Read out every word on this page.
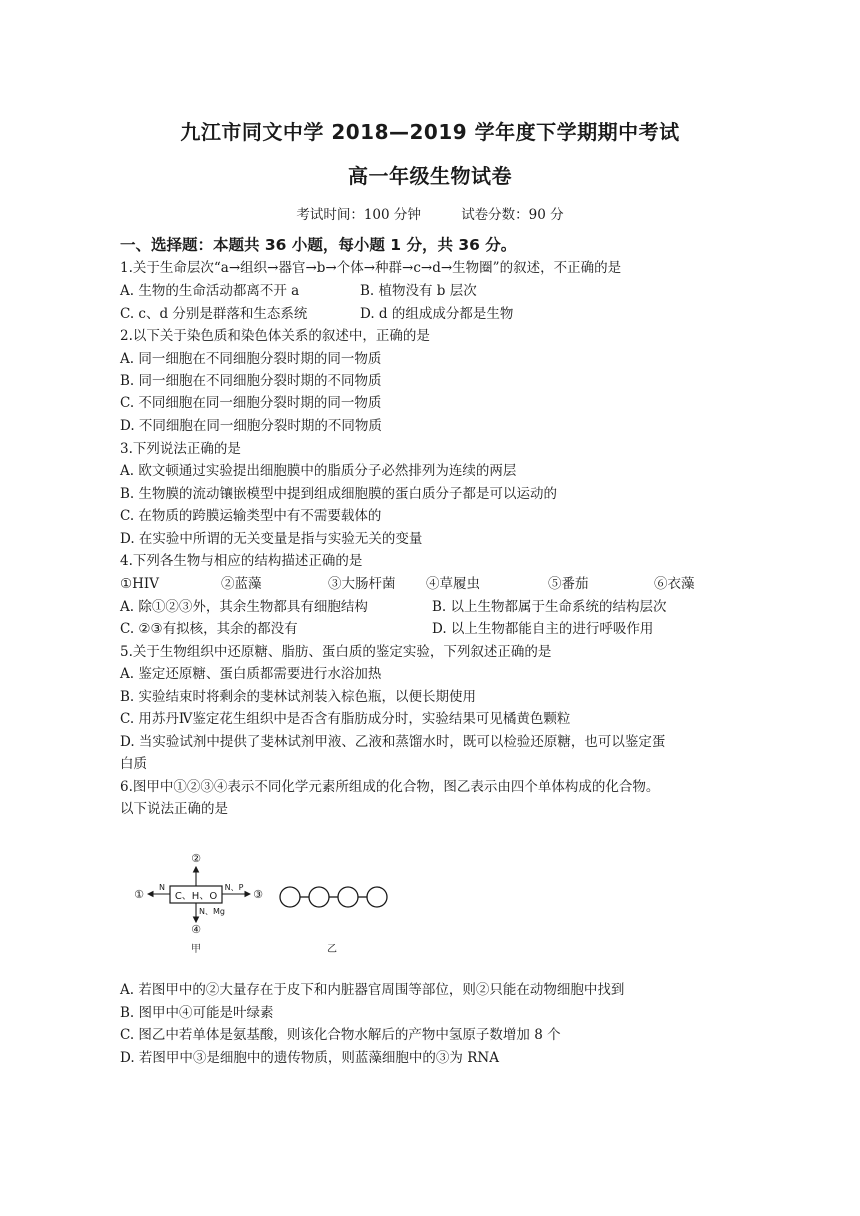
九江市同文中学 2018—2019 学年度下学期期中考试
高一年级生物试卷
考试时间：100 分钟	试卷分数：90 分
一、选择题：本题共 36 小题，每小题 1 分，共 36 分。
1.关于生命层次“a→组织→器官→b→个体→种群→c→d→生物圈”的叙述，不正确的是
A. 生物的生命活动都离不开 a	B. 植物没有 b 层次
C. c、d 分别是群落和生态系统	D. d 的组成成分都是生物
2.以下关于染色质和染色体关系的叙述中，正确的是
A. 同一细胞在不同细胞分裂时期的同一物质
B. 同一细胞在不同细胞分裂时期的不同物质
C. 不同细胞在同一细胞分裂时期的同一物质
D. 不同细胞在同一细胞分裂时期的不同物质
3.下列说法正确的是
A. 欧文顿通过实验提出细胞膜中的脂质分子必然排列为连续的两层
B. 生物膜的流动镶嵌模型中提到组成细胞膜的蛋白质分子都是可以运动的
C. 在物质的跨膜运输类型中有不需要载体的
D. 在实验中所谓的无关变量是指与实验无关的变量
4.下列各生物与相应的结构描述正确的是
①HIV	②蓝藻	③大肠杆菌 ④草履虫	⑤番茄	⑥衣藻
A. 除①②③外，其余生物都具有细胞结构	B. 以上生物都属于生命系统的结构层次
C. ②③有拟核，其余的都没有	D. 以上生物都能自主的进行呼吸作用
5.关于生物组织中还原糖、脂肪、蛋白质的鉴定实验，下列叙述正确的是
A. 鉴定还原糖、蛋白质都需要进行水浴加热
B. 实验结束时将剩余的斐林试剂装入棕色瓶，以便长期使用
C. 用苏丹Ⅳ鉴定花生组织中是否含有脂肪成分时，实验结果可见橘黄色颗粒
D. 当实验试剂中提供了斐林试剂甲液、乙液和蒸馏水时，既可以检验还原糖，也可以鉴定蛋
白质
6.图甲中①②③④表示不同化学元素所组成的化合物，图乙表示由四个单体构成的化合物。
以下说法正确的是
C、H、O
②
①
N
③
N、P
④
N、Mg
甲	乙
A. 若图甲中的②大量存在于皮下和内脏器官周围等部位，则②只能在动物细胞中找到
B. 图甲中④可能是叶绿素
C. 图乙中若单体是氨基酸，则该化合物水解后的产物中氢原子数增加 8 个
D. 若图甲中③是细胞中的遗传物质，则蓝藻细胞中的③为 RNA
